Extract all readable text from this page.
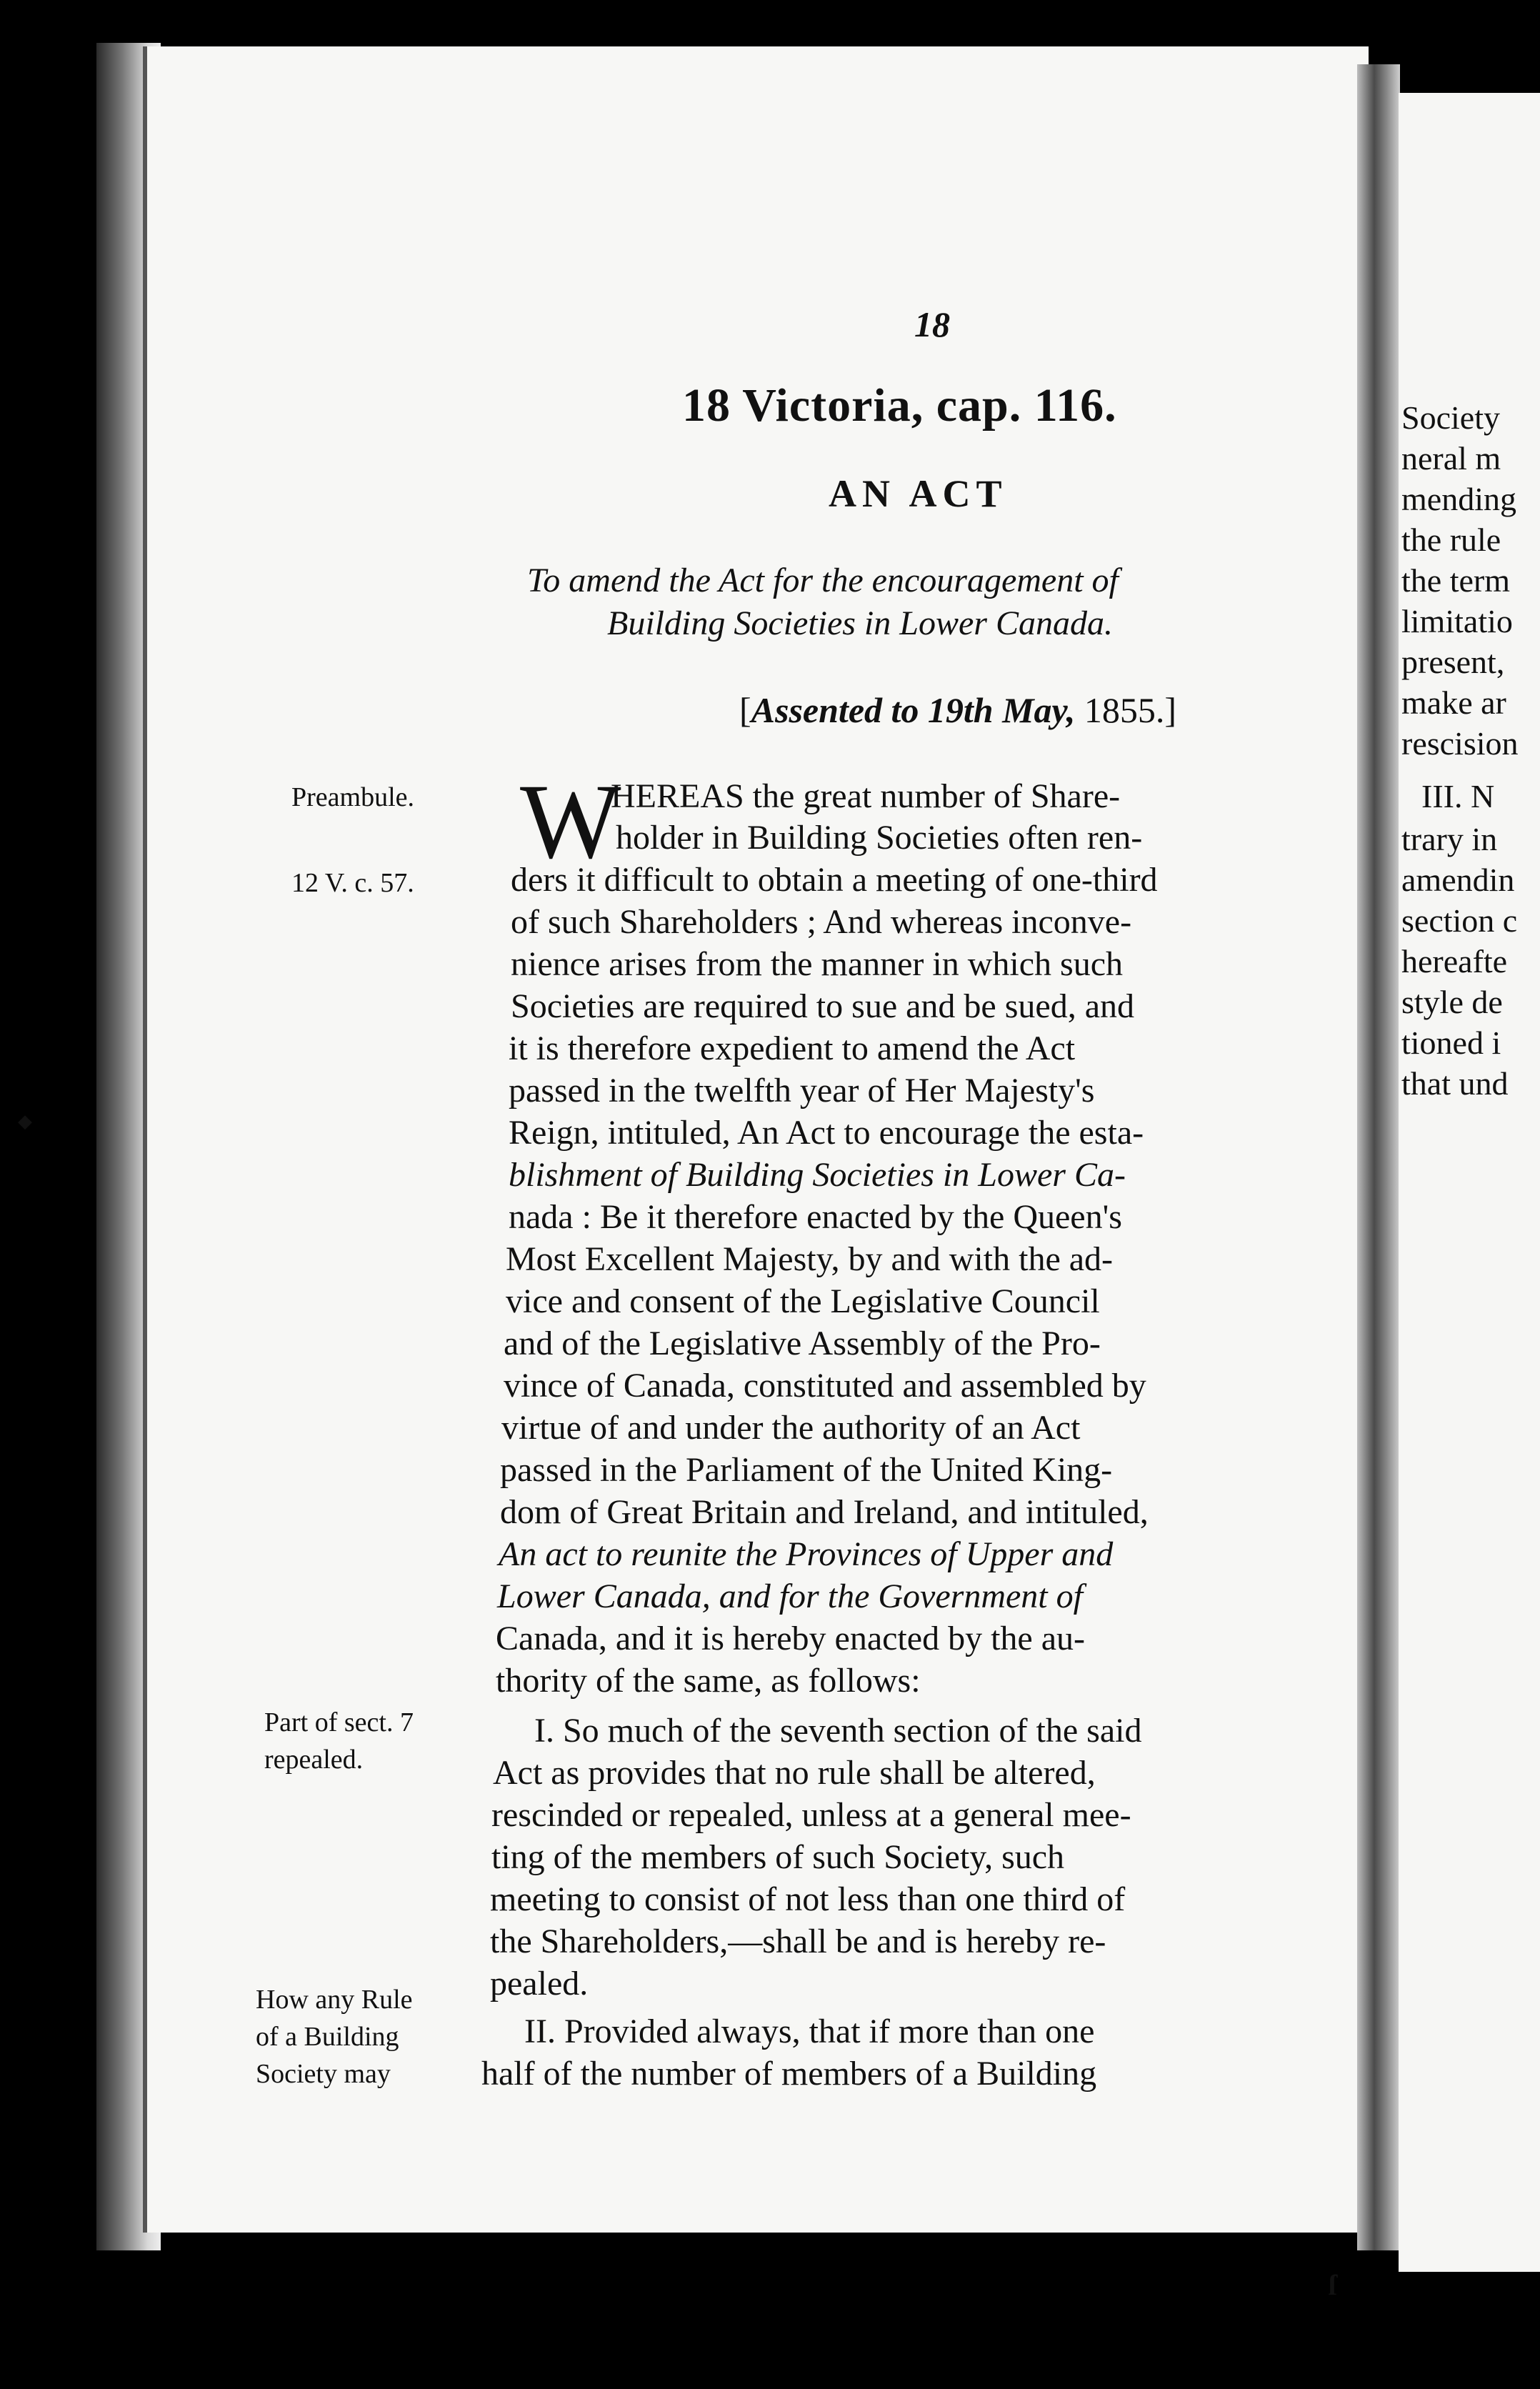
◆
18
18 Victoria, cap. 116.
AN ACT
To amend the Act for the encouragement of
Building Societies in Lower Canada.
[Assented to 19th May, 1855.]
Preambule.
12 V. c. 57.
Part of sect. 7
repealed.
How any Rule
of a Building
Society may
W
HEREAS the great number of Share-
holder in Building Societies often ren-
ders it difficult to obtain a meeting of one-third
of such Shareholders ; And whereas inconve-
nience arises from the manner in which such
Societies are required to sue and be sued, and
it is therefore expedient to amend the Act
passed in the twelfth year of Her Majesty's
Reign, intituled, An Act to encourage the esta-
blishment of Building Societies in Lower Ca-
nada : Be it therefore enacted by the Queen's
Most Excellent Majesty, by and with the ad-
vice and consent of the Legislative Council
and of the Legislative Assembly of the Pro-
vince of Canada, constituted and assembled by
virtue of and under the authority of an Act
passed in the Parliament of the United King-
dom of Great Britain and Ireland, and intituled,
An act to reunite the Provinces of Upper and
Lower Canada, and for the Government of
Canada, and it is hereby enacted by the au-
thority of the same, as follows:
I. So much of the seventh section of the said
Act as provides that no rule shall be altered,
rescinded or repealed, unless at a general mee-
ting of the members of such Society, such
meeting to consist of not less than one third of
the Shareholders,—shall be and is hereby re-
pealed.
II. Provided always, that if more than one
half of the number of members of a Building
Society
neral m
mending
the rule
the term
limitatio
present,
make ar
rescision
III. N
trary in
amendin
section c
hereafte
style de
tioned i
that und
ſ
